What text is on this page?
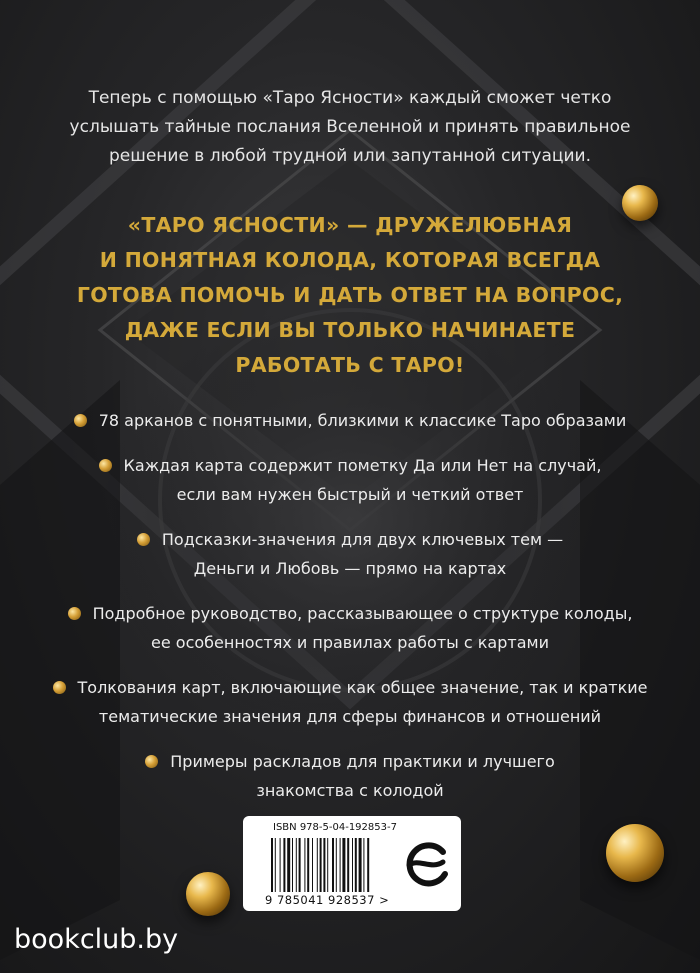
Теперь с помощью «Таро Ясности» каждый сможет четко
услышать тайные послания Вселенной и принять правильное
решение в любой трудной или запутанной ситуации.
«ТАРО ЯСНОСТИ» — ДРУЖЕЛЮБНАЯ
И ПОНЯТНАЯ КОЛОДА, КОТОРАЯ ВСЕГДА
ГОТОВА ПОМОЧЬ И ДАТЬ ОТВЕТ НА ВОПРОС,
ДАЖЕ ЕСЛИ ВЫ ТОЛЬКО НАЧИНАЕТЕ
РАБОТАТЬ С ТАРО!
78 арканов с понятными, близкими к классике Таро образами
Каждая карта содержит пометку Да или Нет на случай,
если вам нужен быстрый и четкий ответ
Подсказки-значения для двух ключевых тем —
Деньги и Любовь — прямо на картах
Подробное руководство, рассказывающее о структуре колоды,
ее особенностях и правилах работы с картами
Толкования карт, включающие как общее значение, так и краткие
тематические значения для сферы финансов и отношений
Примеры раскладов для практики и лучшего
знакомства с колодой
ISBN 978-5-04-192853-7
9 785041 928537 >
bookclub.by
